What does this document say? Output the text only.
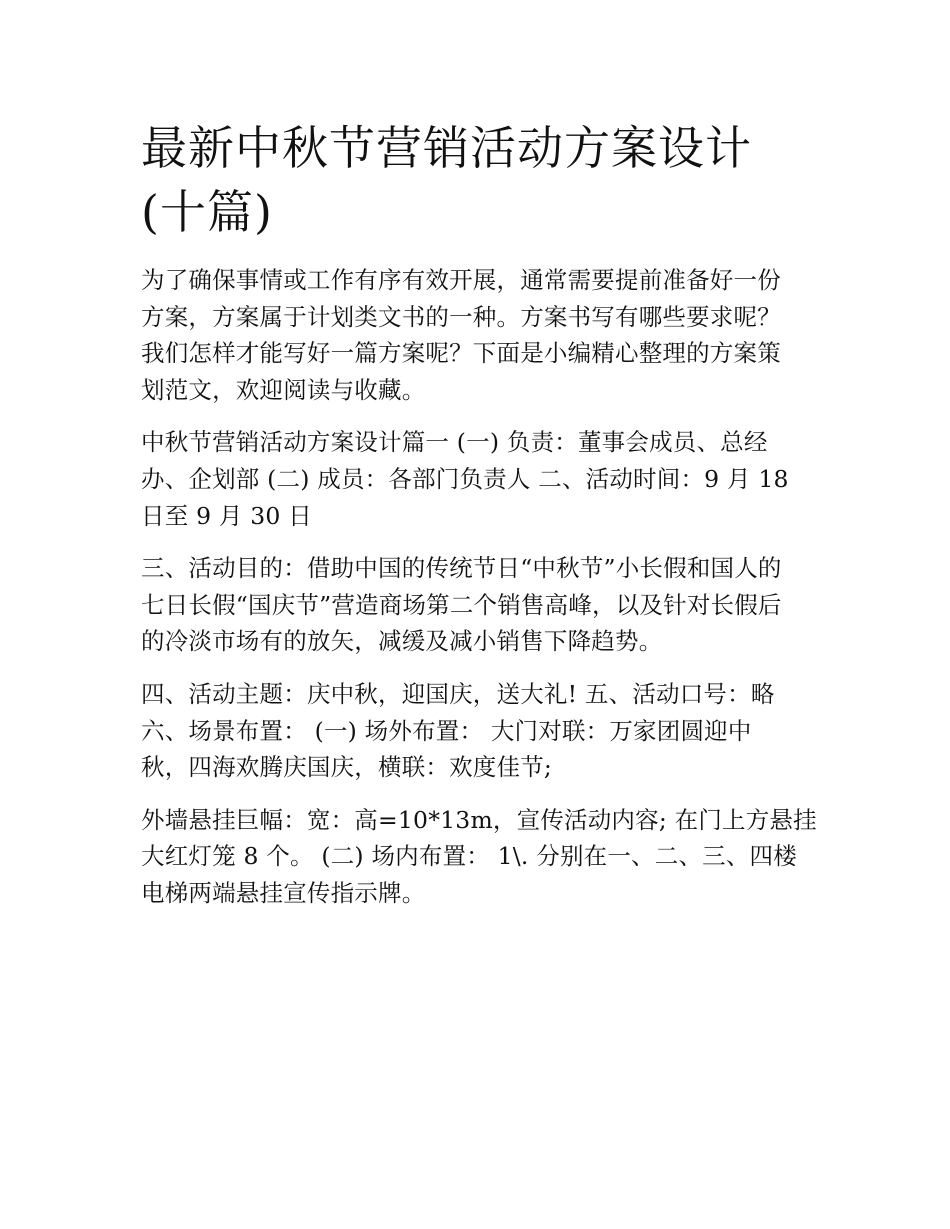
最新中秋节营销活动方案设计
(十篇)

为了确保事情或工作有序有效开展，通常需要提前准备好一份
方案，方案属于计划类文书的一种。方案书写有哪些要求呢？
我们怎样才能写好一篇方案呢？下面是小编精心整理的方案策
划范文，欢迎阅读与收藏。

中秋节营销活动方案设计篇一 (一) 负责：董事会成员、总经
办、企划部 (二) 成员：各部门负责人 二、活动时间：9 月 18
日至 9 月 30 日

三、活动目的：借助中国的传统节日“中秋节”小长假和国人的
七日长假“国庆节”营造商场第二个销售高峰，以及针对长假后
的冷淡市场有的放矢，减缓及减小销售下降趋势。

四、活动主题：庆中秋，迎国庆，送大礼! 五、活动口号：略
六、场景布置： (一) 场外布置： 大门对联：万家团圆迎中
秋，四海欢腾庆国庆，横联：欢度佳节;

外墙悬挂巨幅：宽：高=10*13m，宣传活动内容; 在门上方悬挂
大红灯笼 8 个。 (二) 场内布置： 1\. 分别在一、二、三、四楼
电梯两端悬挂宣传指示牌。
